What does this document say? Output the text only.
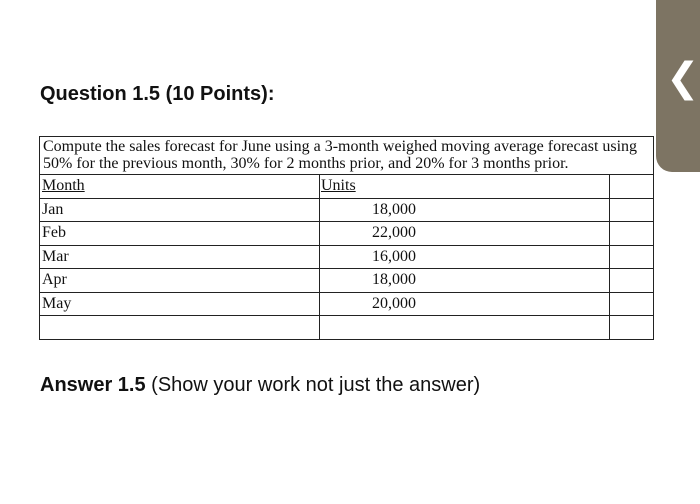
Question 1.5 (10 Points):
Compute the sales forecast for June using a 3-month weighed moving average forecast using 50% for the previous month, 30% for 2 months prior, and 20% for 3 months prior.
Month	Units
Jan	18,000
Feb	22,000
Mar	16,000
Apr	18,000
May	20,000

Answer 1.5 (Show your work not just the answer)

❮
